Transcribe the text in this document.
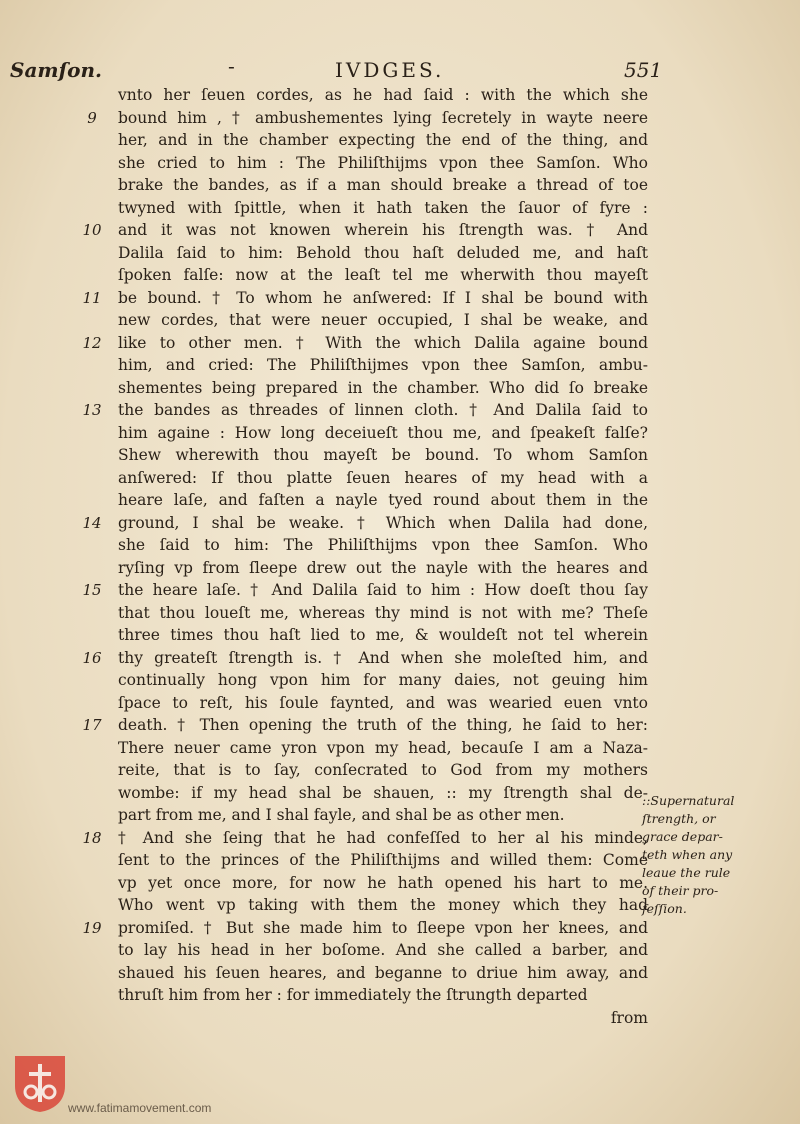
Samſon.	-	IVDGES.	551
vnto her ſeuen cordes, as he had ſaid : with the which she
9	bound him , † ambushementes lying ſecretely in wayte neere
her, and in the chamber expecting the end of the thing, and
she cried to him : The Philiſthijms vpon thee Samſon. Who
brake the bandes, as if a man should breake a thread of toe
twyned with ſpittle, when it hath taken the ſauor of fyre :
10 and it was not knowen wherein his ſtrength was. † And
Dalila ſaid to him: Behold thou haſt deluded me, and haſt
ſpoken falſe: now at the leaſt tel me wherwith thou mayeſt
11 be bound. † To whom he anſwered: If I shal be bound with
new cordes, that were neuer occupied, I shal be weake, and
12 like to other men. † With the which Dalila againe bound
him, and cried: The Philiſthijmes vpon thee Samſon, ambu-
shementes being prepared in the chamber. Who did ſo breake
13 the bandes as threades of linnen cloth. † And Dalila ſaid to
him againe : How long deceiueſt thou me, and ſpeakeſt falſe?
Shew wherewith thou mayeſt be bound. To whom Samſon
anſwered: If thou platte ſeuen heares of my head with a
heare laſe, and faſten a nayle tyed round about them in the
14 ground, I shal be weake. † Which when Dalila had done,
she ſaid to him: The Philiſthijms vpon thee Samſon. Who
ryſing vp from ſleepe drew out the nayle with the heares and
15 the heare laſe. † And Dalila ſaid to him : How doeſt thou ſay
that thou loueſt me, whereas thy mind is not with me? Theſe
three times thou haſt lied to me, & wouldeſt not tel wherein
16 thy greateſt ſtrength is. † And when she moleſted him, and
continually hong vpon him for many daies, not geuing him
ſpace to reſt, his ſoule faynted, and was wearied euen vnto
17 death. † Then opening the truth of the thing, he ſaid to her:
There neuer came yron vpon my head, becauſe I am a Naza-
reite, that is to ſay, conſecrated to God from my mothers
wombe: if my head shal be shauen, :: my ſtrength shal de-
part from me, and I shal fayle, and shal be as other men.
18 † And she ſeing that he had confeſſed to her al his minde,
ſent to the princes of the Philiſthijms and willed them: Come
vp yet once more, for now he hath opened his hart to me.
Who went vp taking with them the money which they had
19 promiſed. † But she made him to ſleepe vpon her knees, and
to lay his head in her boſome. And she called a barber, and
shaued his ſeuen heares, and beganne to driue him away, and
thruſt him from her : for immediately the ſtrungth departed
from
::Supernatural
ſtrength, or
grace depar-
teth when any
leaue the rule
of their pro-
feſſion.
www.fatimamovement.com
